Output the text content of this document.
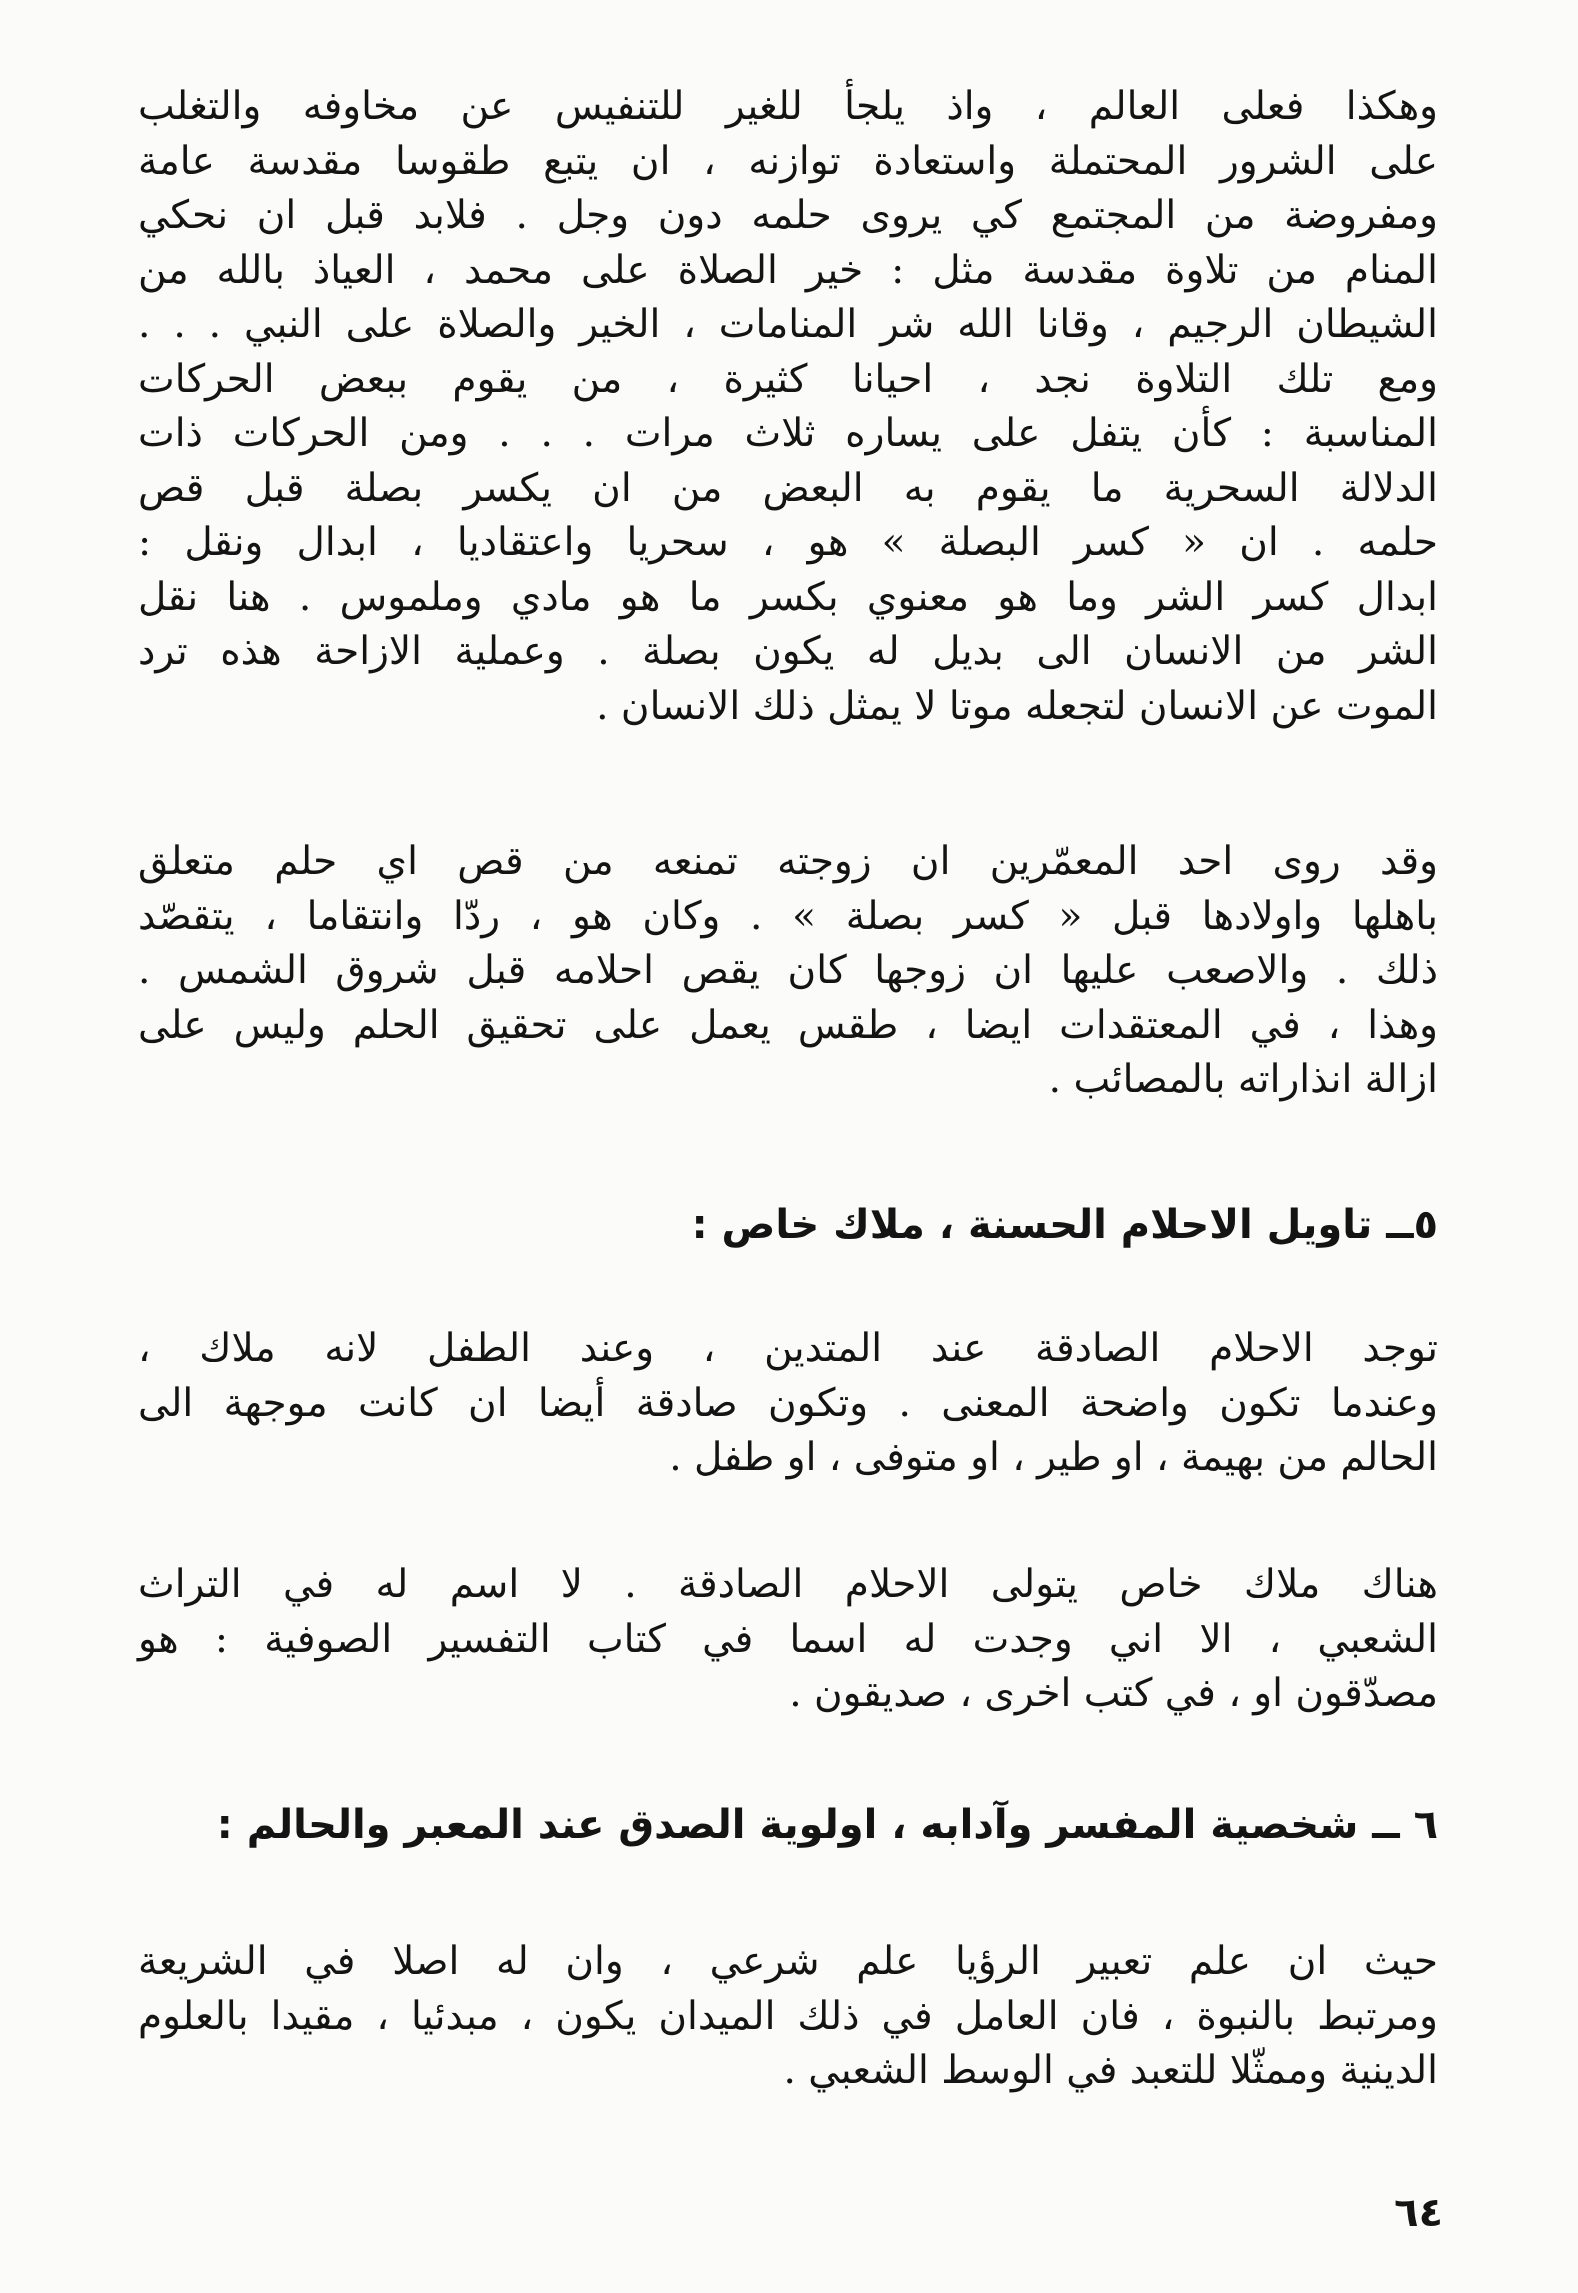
وهكذا فعلى العالم ، واذ يلجأ للغير للتنفيس عن مخاوفه والتغلب
على الشرور المحتملة واستعادة توازنه ، ان يتبع طقوسا مقدسة عامة
ومفروضة من المجتمع كي يروى حلمه دون وجل . فلابد قبل ان نحكي
المنام من تلاوة مقدسة مثل : خير الصلاة على محمد ، العياذ بالله من
الشيطان الرجيم ، وقانا الله شر المنامات ، الخير والصلاة على النبي . . .
ومع تلك التلاوة نجد ، احيانا كثيرة ، من يقوم ببعض الحركات
المناسبة : كأن يتفل على يساره ثلاث مرات . . . ومن الحركات ذات
الدلالة السحرية ما يقوم به البعض من ان يكسر بصلة قبل قص
حلمه . ان « كسر البصلة » هو ، سحريا واعتقاديا ، ابدال ونقل :
ابدال كسر الشر وما هو معنوي بكسر ما هو مادي وملموس . هنا نقل
الشر من الانسان الى بديل له يكون بصلة . وعملية الازاحة هذه ترد
الموت عن الانسان لتجعله موتا لا يمثل ذلك الانسان .
وقد روى احد المعمّرين ان زوجته تمنعه من قص اي حلم متعلق
باهلها واولادها قبل « كسر بصلة » . وكان هو ، ردّا وانتقاما ، يتقصّد
ذلك . والاصعب عليها ان زوجها كان يقص احلامه قبل شروق الشمس .
وهذا ، في المعتقدات ايضا ، طقس يعمل على تحقيق الحلم وليس على
ازالة انذاراته بالمصائب .
٥ــ تاويل الاحلام الحسنة ، ملاك خاص :
توجد الاحلام الصادقة عند المتدين ، وعند الطفل لانه ملاك ،
وعندما تكون واضحة المعنى . وتكون صادقة أيضا ان كانت موجهة الى
الحالم من بهيمة ، او طير ، او متوفى ، او طفل .
هناك ملاك خاص يتولى الاحلام الصادقة . لا اسم له في التراث
الشعبي ، الا اني وجدت له اسما في كتاب التفسير الصوفية : هو
مصدّقون او ، في كتب اخرى ، صديقون .
٦ ــ شخصية المفسر وآدابه ، اولوية الصدق عند المعبر والحالم :
حيث ان علم تعبير الرؤيا علم شرعي ، وان له اصلا في الشريعة
ومرتبط بالنبوة ، فان العامل في ذلك الميدان يكون ، مبدئيا ، مقيدا بالعلوم
الدينية وممثّلا للتعبد في الوسط الشعبي .
٦٤
